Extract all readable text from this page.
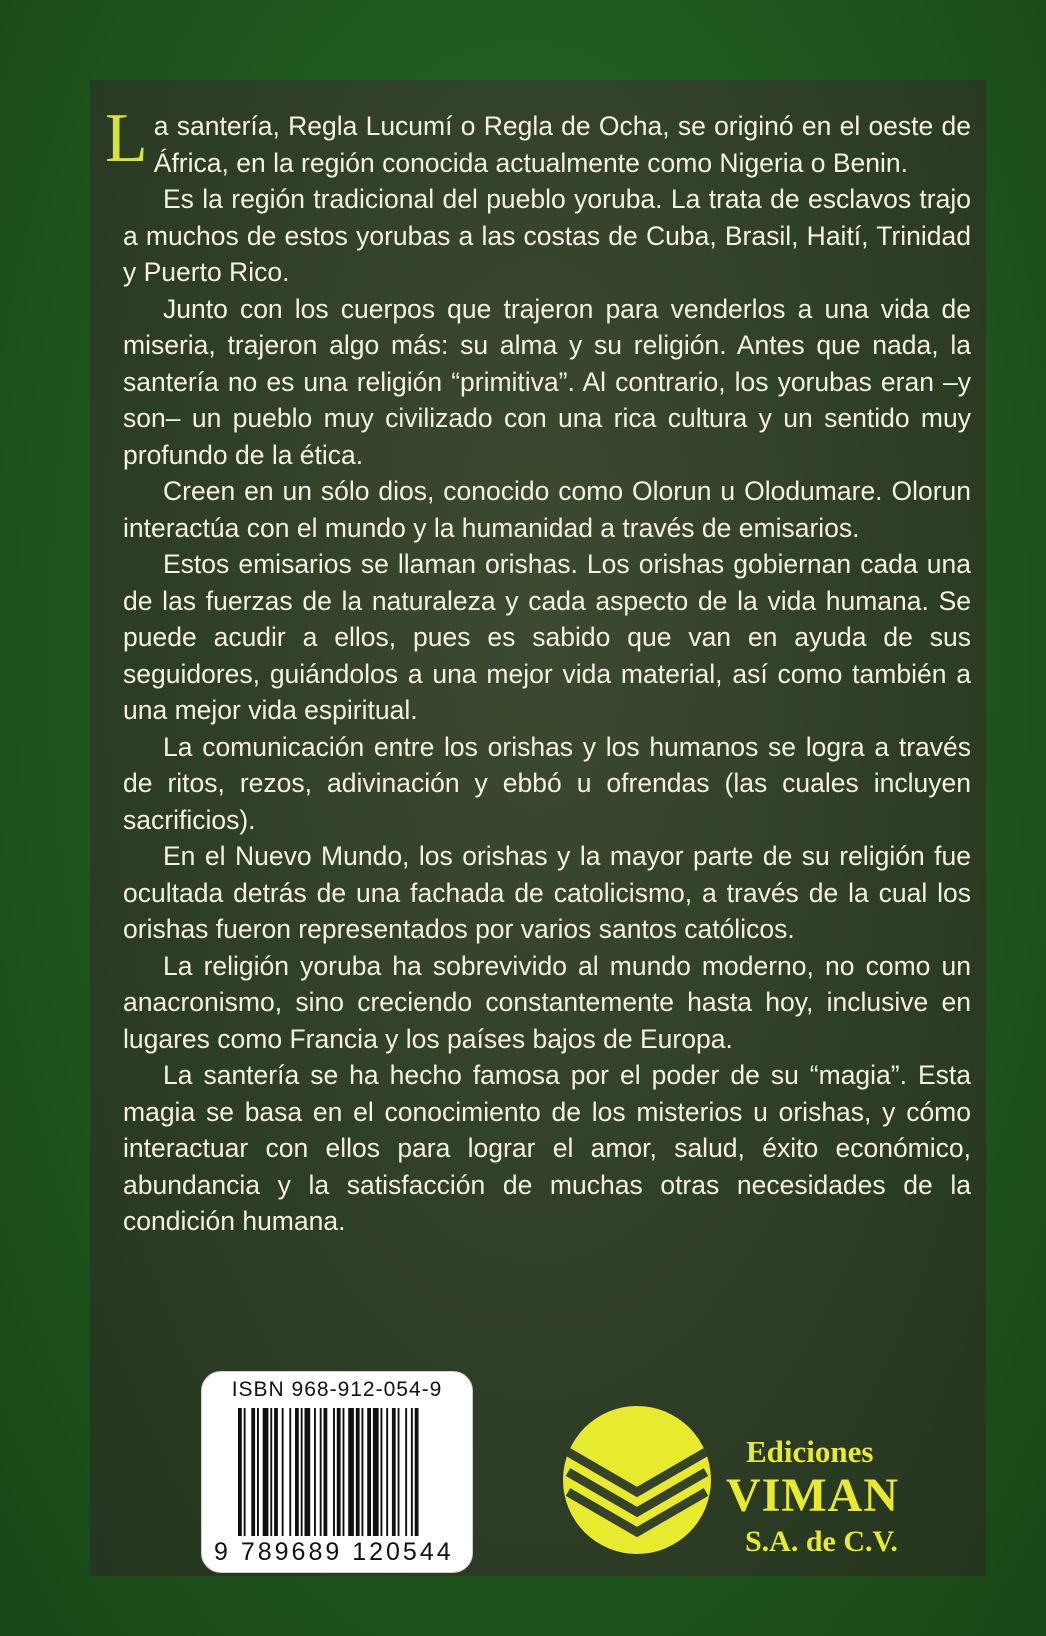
La santería, Regla Lucumí o Regla de Ocha, se originó en el oeste de África, en la región conocida actualmente como Nigeria o Benin.

Es la región tradicional del pueblo yoruba. La trata de esclavos trajo a muchos de estos yorubas a las costas de Cuba, Brasil, Haití, Trinidad y Puerto Rico.

Junto con los cuerpos que trajeron para venderlos a una vida de miseria, trajeron algo más: su alma y su religión. Antes que nada, la santería no es una religión “primitiva”. Al contrario, los yorubas eran –y son– un pueblo muy civilizado con una rica cultura y un sentido muy profundo de la ética.

Creen en un sólo dios, conocido como Olorun u Olodumare. Olorun interactúa con el mundo y la humanidad a través de emisarios.

Estos emisarios se llaman orishas. Los orishas gobiernan cada una de las fuerzas de la naturaleza y cada aspecto de la vida humana. Se puede acudir a ellos, pues es sabido que van en ayuda de sus seguidores, guiándolos a una mejor vida material, así como también a una mejor vida espiritual.

La comunicación entre los orishas y los humanos se logra a través de ritos, rezos, adivinación y ebbó u ofrendas (las cuales incluyen sacrificios).

En el Nuevo Mundo, los orishas y la mayor parte de su religión fue ocultada detrás de una fachada de catolicismo, a través de la cual los orishas fueron representados por varios santos católicos.

La religión yoruba ha sobrevivido al mundo moderno, no como un anacronismo, sino creciendo constantemente hasta hoy, inclusive en lugares como Francia y los países bajos de Europa.

La santería se ha hecho famosa por el poder de su “magia”. Esta magia se basa en el conocimiento de los misterios u orishas, y cómo interactuar con ellos para lograr el amor, salud, éxito económico, abundancia y la satisfacción de muchas otras necesidades de la condición humana.

ISBN 968-912-054-9
9 789689 120544
Ediciones
VIMAN
S.A. de C.V.
